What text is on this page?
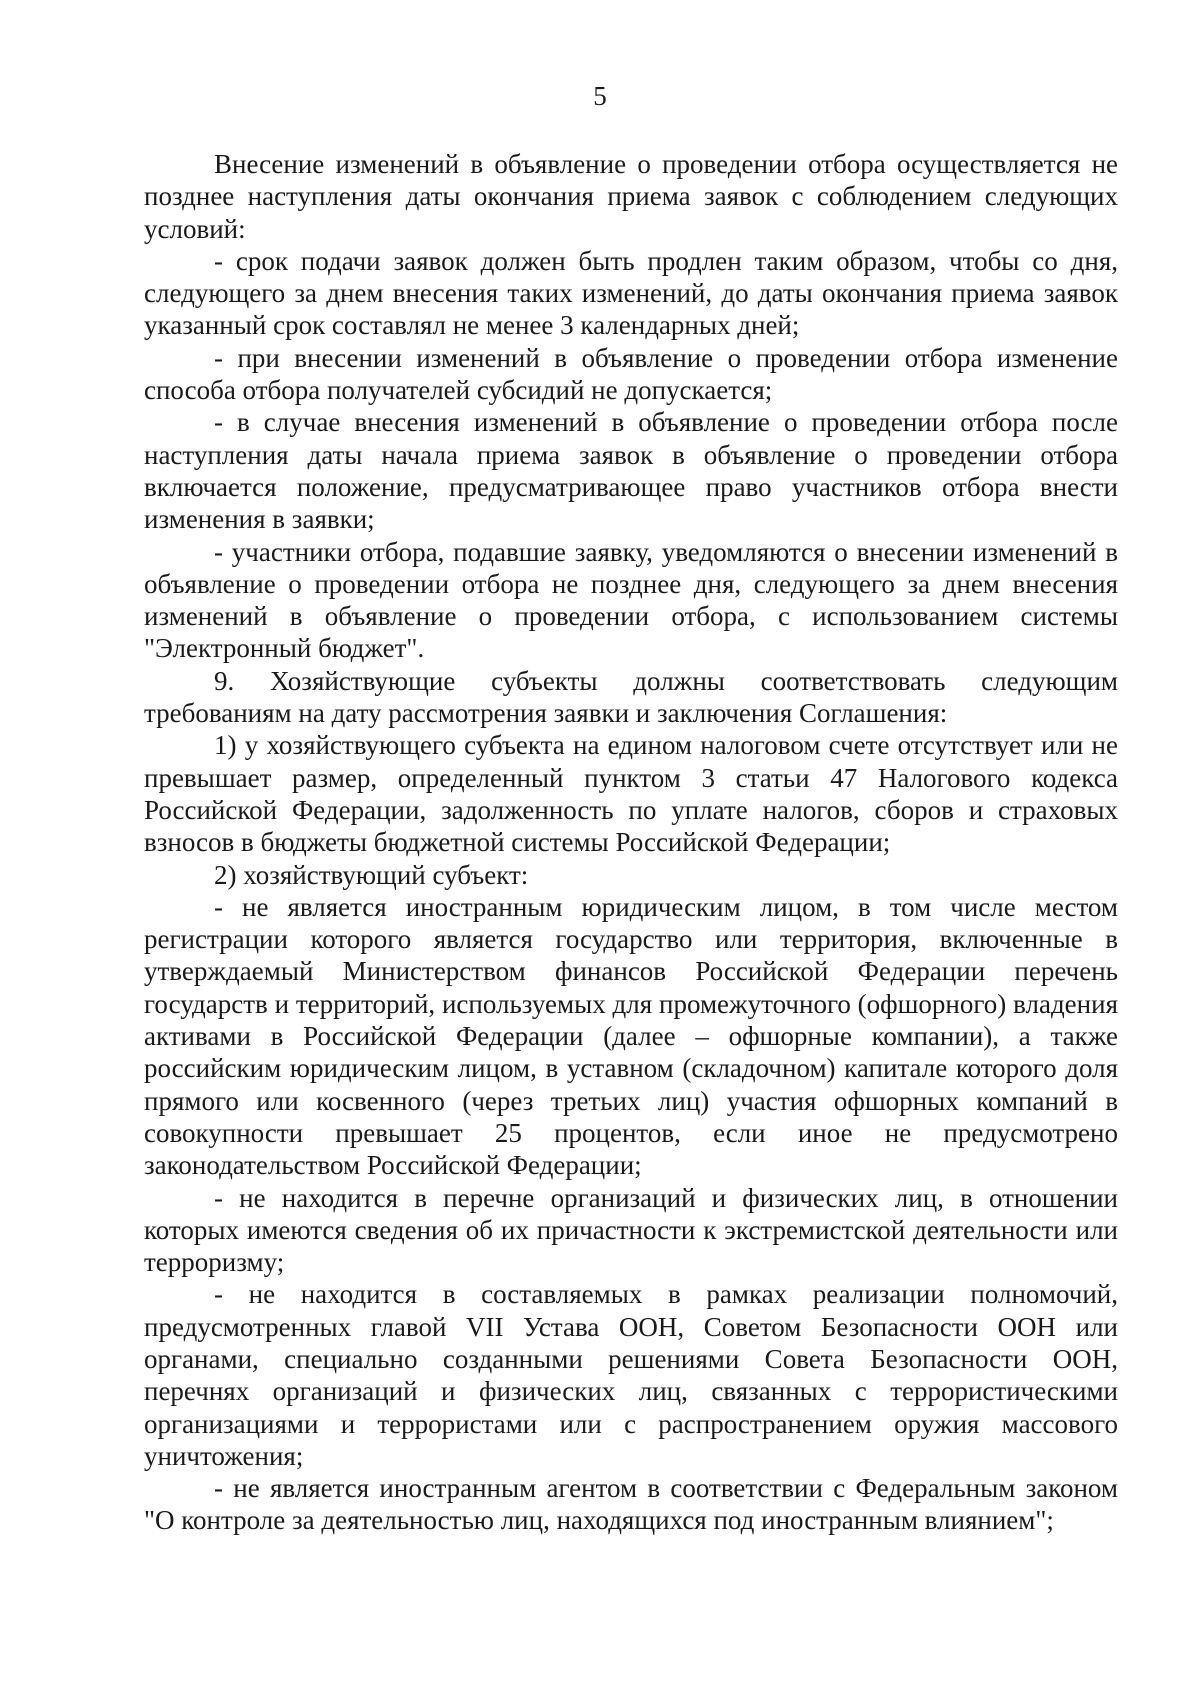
5

Внесение изменений в объявление о проведении отбора осуществляется не позднее наступления даты окончания приема заявок с соблюдением следующих условий:

- срок подачи заявок должен быть продлен таким образом, чтобы со дня, следующего за днем внесения таких изменений, до даты окончания приема заявок указанный срок составлял не менее 3 календарных дней;

- при внесении изменений в объявление о проведении отбора изменение способа отбора получателей субсидий не допускается;

- в случае внесения изменений в объявление о проведении отбора после наступления даты начала приема заявок в объявление о проведении отбора включается положение, предусматривающее право участников отбора внести изменения в заявки;

- участники отбора, подавшие заявку, уведомляются о внесении изменений в объявление о проведении отбора не позднее дня, следующего за днем внесения изменений в объявление о проведении отбора, с использованием системы "Электронный бюджет".

9. Хозяйствующие субъекты должны соответствовать следующим требованиям на дату рассмотрения заявки и заключения Соглашения:

1) у хозяйствующего субъекта на едином налоговом счете отсутствует или не превышает размер, определенный пунктом 3 статьи 47 Налогового кодекса Российской Федерации, задолженность по уплате налогов, сборов и страховых взносов в бюджеты бюджетной системы Российской Федерации;

2) хозяйствующий субъект:

- не является иностранным юридическим лицом, в том числе местом регистрации которого является государство или территория, включенные в утверждаемый Министерством финансов Российской Федерации перечень государств и территорий, используемых для промежуточного (офшорного) владения активами в Российской Федерации (далее – офшорные компании), а также российским юридическим лицом, в уставном (складочном) капитале которого доля прямого или косвенного (через третьих лиц) участия офшорных компаний в совокупности превышает 25 процентов, если иное не предусмотрено законодательством Российской Федерации;

- не находится в перечне организаций и физических лиц, в отношении которых имеются сведения об их причастности к экстремистской деятельности или терроризму;

- не находится в составляемых в рамках реализации полномочий, предусмотренных главой VII Устава ООН, Советом Безопасности ООН или органами, специально созданными решениями Совета Безопасности ООН, перечнях организаций и физических лиц, связанных с террористическими организациями и террористами или с распространением оружия массового уничтожения;

- не является иностранным агентом в соответствии с Федеральным законом "О контроле за деятельностью лиц, находящихся под иностранным влиянием";
